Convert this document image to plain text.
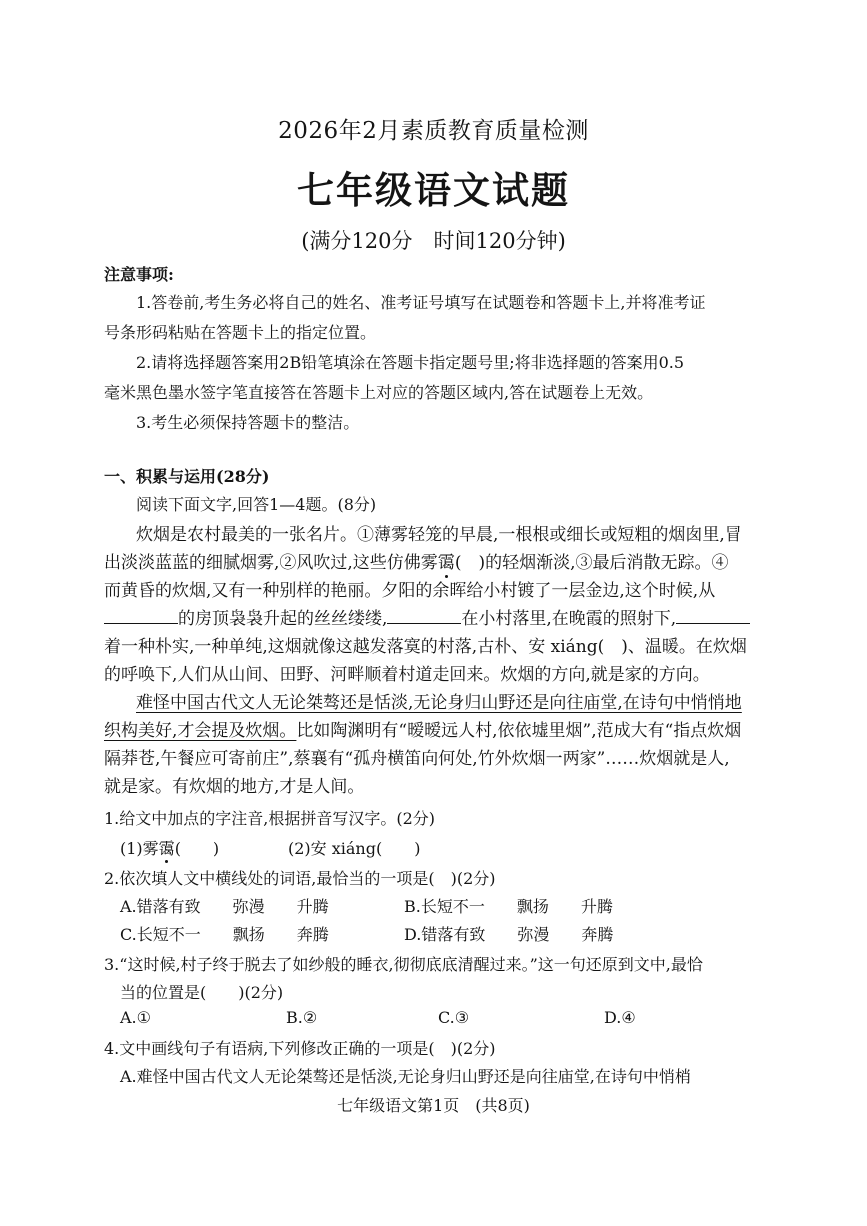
2026年2月素质教育质量检测
七年级语文试题
(满分120分　时间120分钟)
注意事项:
1.答卷前,考生务必将自己的姓名、准考证号填写在试题卷和答题卡上,并将准考证
号条形码粘贴在答题卡上的指定位置。
2.请将选择题答案用2B铅笔填涂在答题卡指定题号里;将非选择题的答案用0.5
毫米黑色墨水签字笔直接答在答题卡上对应的答题区域内,答在试题卷上无效。
3.考生必须保持答题卡的整洁。
一、积累与运用(28分)
阅读下面文字,回答1—4题。(8分)
炊烟是农村最美的一张名片。①薄雾轻笼的早晨,一根根或细长或短粗的烟囱里,冒
出淡淡蓝蓝的细腻烟雾,②风吹过,这些仿佛雾霭(　)的轻烟渐淡,③最后消散无踪。④
而黄昏的炊烟,又有一种别样的艳丽。夕阳的余晖给小村镀了一层金边,这个时候,从
的房顶袅袅升起的丝丝缕缕,	在小村落里,在晚霞的照射下,
着一种朴实,一种单纯,这烟就像这越发落寞的村落,古朴、安 xiáng(　)、温暖。在炊烟
的呼唤下,人们从山间、田野、河畔顺着村道走回来。炊烟的方向,就是家的方向。
难怪中国古代文人无论桀骜还是恬淡,无论身归山野还是向往庙堂,在诗句中悄悄地
织构美好,才会提及炊烟。比如陶渊明有“暧暧远人村,依依墟里烟”,范成大有“指点炊烟
隔莽苍,午餐应可寄前庄”,蔡襄有“孤舟横笛向何处,竹外炊烟一两家”……炊烟就是人,
就是家。有炊烟的地方,才是人间。
1.给文中加点的字注音,根据拼音写汉字。(2分)
(1)雾霭(　　)	(2)安 xiáng(　　)
2.依次填人文中横线处的词语,最恰当的一项是(　)(2分)
A.错落有致　　弥漫　　升腾	B.长短不一　　飘扬　　升腾
C.长短不一　　飘扬　　奔腾	D.错落有致　　弥漫　　奔腾
3.“这时候,村子终于脱去了如纱般的睡衣,彻彻底底清醒过来。”这一句还原到文中,最恰
当的位置是(　　)(2分)
A.①	B.②	C.③	D.④
4.文中画线句子有语病,下列修改正确的一项是(　)(2分)
A.难怪中国古代文人无论桀骜还是恬淡,无论身归山野还是向往庙堂,在诗句中悄梢
七年级语文第1页　(共8页)
